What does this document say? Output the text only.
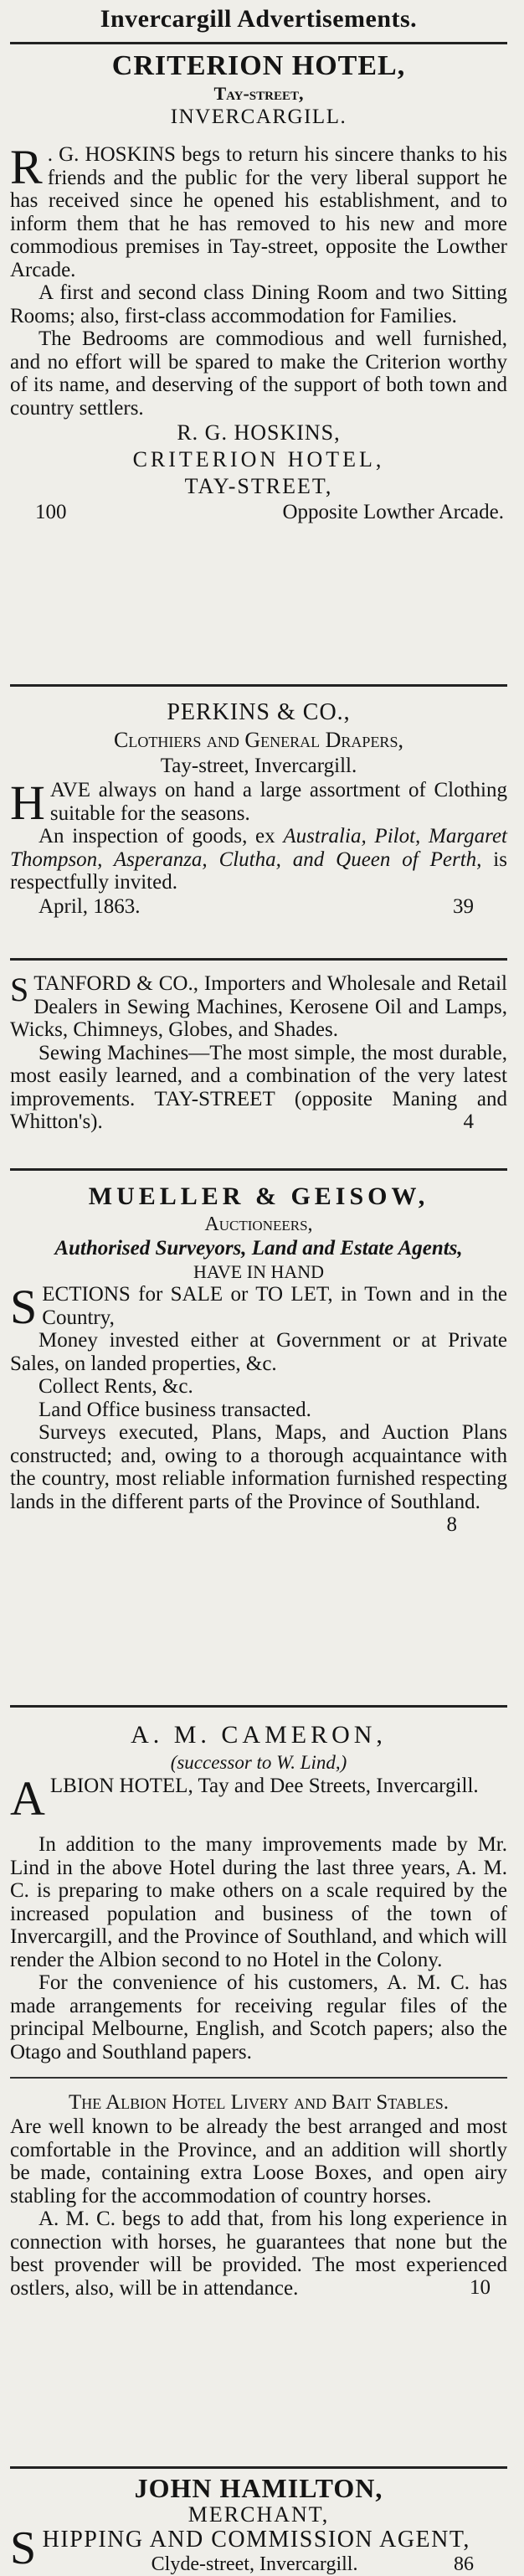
Invercargill Advertisements.
CRITERION HOTEL,
Tay-street,
INVERCARGILL.

R . G. HOSKINS begs to return his sincere thanks to his friends and the public for the very liberal support he has received since he opened his establishment, and to inform them that he has removed to his new and more commodious premises in Tay-street, opposite the Lowther Arcade.

A first and second class Dining Room and two Sitting Rooms; also, first-class accommodation for Families.

The Bedrooms are commodious and well furnished, and no effort will be spared to make the Criterion worthy of its name, and deserving of the support of both town and country settlers.

R. G. HOSKINS,
CRITERION HOTEL,
TAY-STREET,
100	Opposite Lowther Arcade.
PERKINS & CO.,
Clothiers and General Drapers,
Tay-street, Invercargill.

HAVE always on hand a large assortment of Clothing suitable for the seasons.

An inspection of goods, ex Australia, Pilot, Margaret Thompson, Asperanza, Clutha, and Queen of Perth, is respectfully invited.

April, 1863.	39

STANFORD & CO., Importers and Wholesale and Retail Dealers in Sewing Machines, Kerosene Oil and Lamps, Wicks, Chimneys, Globes, and Shades.

Sewing Machines—The most simple, the most durable, most easily learned, and a combination of the very latest improvements. TAY-STREET (opposite Maning and Whitton's).	4
MUELLER & GEISOW,
Auctioneers,
Authorised Surveyors, Land and Estate Agents,
HAVE IN HAND

SECTIONS for SALE or TO LET, in Town and in the Country,

Money invested either at Government or at Private Sales, on landed properties, &c.

Collect Rents, &c.

Land Office business transacted.

Surveys executed, Plans, Maps, and Auction Plans constructed; and, owing to a thorough acquaintance with the country, most reliable information furnished respecting lands in the different parts of the Province of Southland.

8
A. M. CAMERON,
(successor to W. Lind,)

A LBION HOTEL, Tay and Dee Streets, Invercargill.

In addition to the many improvements made by Mr. Lind in the above Hotel during the last three years, A. M. C. is preparing to make others on a scale required by the increased population and business of the town of Invercargill, and the Province of Southland, and which will render the Albion second to no Hotel in the Colony.

For the convenience of his customers, A. M. C. has made arrangements for receiving regular files of the principal Melbourne, English, and Scotch papers; also the Otago and Southland papers.

The Albion Hotel Livery and Bait Stables.

Are well known to be already the best arranged and most comfortable in the Province, and an addition will shortly be made, containing extra Loose Boxes, and open airy stabling for the accommodation of country horses.

A. M. C. begs to add that, from his long experience in connection with horses, he guarantees that none but the best provender will be provided. The most experienced ostlers, also, will be in attendance.	10
JOHN HAMILTON,
MERCHANT,
S HIPPING AND COMMISSION AGENT,
Clyde-street, Invercargill.	86
